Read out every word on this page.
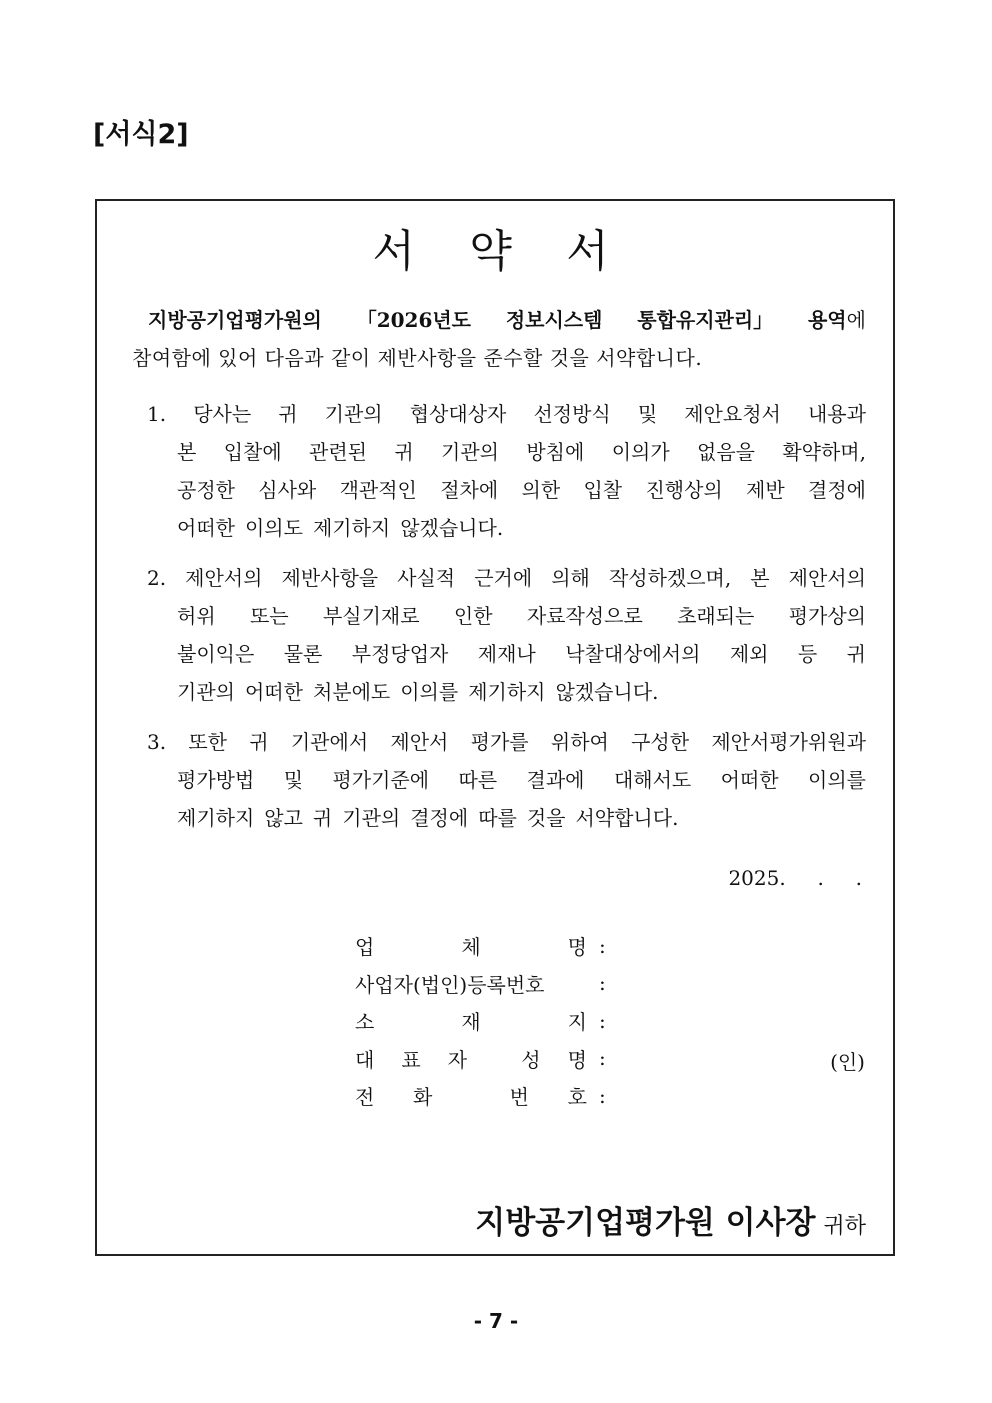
[서식2]
서  약  서
지방공기업평가원의 「2026년도 정보시스템 통합유지관리」 용역에
참여함에 있어 다음과 같이 제반사항을 준수할 것을 서약합니다.
1. 당사는 귀 기관의 협상대상자 선정방식 및 제안요청서 내용과
본 입찰에 관련된 귀 기관의 방침에 이의가 없음을 확약하며,
공정한 심사와 객관적인 절차에 의한 입찰 진행상의 제반 결정에
어떠한 이의도 제기하지 않겠습니다.
2. 제안서의 제반사항을 사실적 근거에 의해 작성하겠으며, 본 제안서의
허위 또는 부실기재로 인한 자료작성으로 초래되는 평가상의
불이익은 물론 부정당업자 제재나 낙찰대상에서의 제외 등 귀
기관의 어떠한 처분에도 이의를 제기하지 않겠습니다.
3. 또한 귀 기관에서 제안서 평가를 위하여 구성한 제안서평가위원과
평가방법 및 평가기준에 따른 결과에 대해서도 어떠한 이의를
제기하지 않고 귀 기관의 결정에 따를 것을 서약합니다.
2025.     .     .
업	체	명 :
사업자(법인)등록번호	:
소	재	지 :
대 표 자	성 명 :	(인)
전 화	번 호 :
지방공기업평가원 이사장 귀하
- 7 -
